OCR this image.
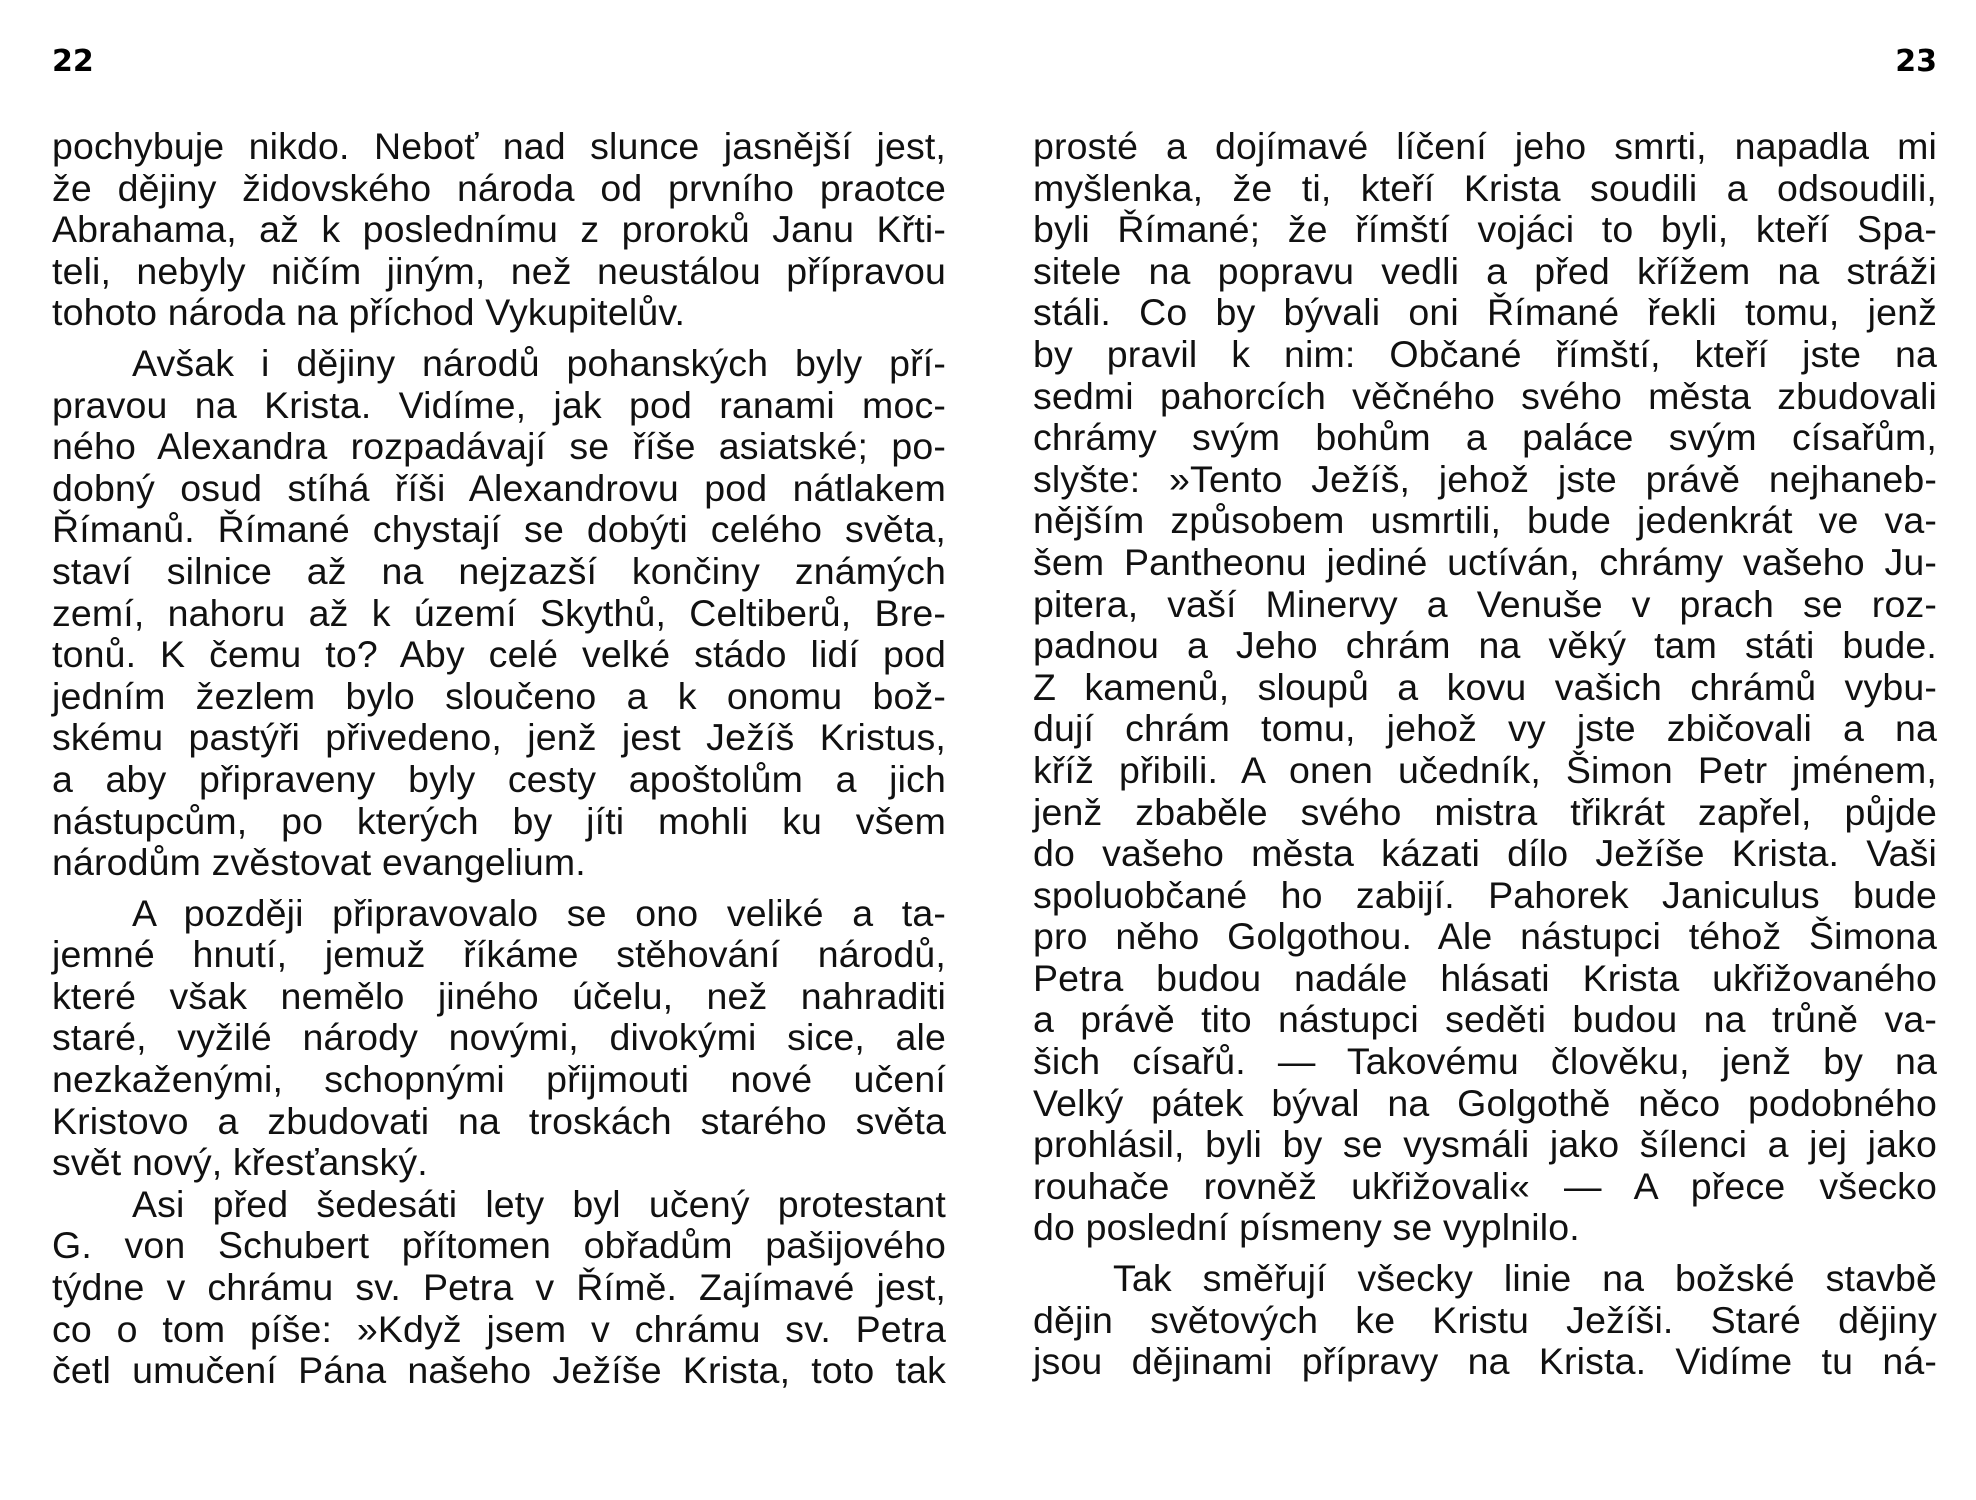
22
pochybuje nikdo. Neboť nad slunce jasnější jest,
že dějiny židovského národa od prvního praotce
Abrahama, až k poslednímu z proroků Janu Křti-
teli, nebyly ničím jiným, než neustálou přípravou
tohoto národa na příchod Vykupitelův.
Avšak i dějiny národů pohanských byly pří-
pravou na Krista. Vidíme, jak pod ranami moc-
ného Alexandra rozpadávají se říše asiatské; po-
dobný osud stíhá říši Alexandrovu pod nátlakem
Římanů. Římané chystají se dobýti celého světa,
staví silnice až na nejzazší končiny známých
zemí, nahoru až k území Skythů, Celtiberů, Bre-
tonů. K čemu to? Aby celé velké stádo lidí pod
jedním žezlem bylo sloučeno a k onomu bož-
skému pastýři přivedeno, jenž jest Ježíš Kristus,
a aby připraveny byly cesty apoštolům a jich
nástupcům, po kterých by jíti mohli ku všem
národům zvěstovat evangelium.
A později připravovalo se ono veliké a ta-
jemné hnutí, jemuž říkáme stěhování národů,
které však nemělo jiného účelu, než nahraditi
staré, vyžilé národy novými, divokými sice, ale
nezkaženými, schopnými přijmouti nové učení
Kristovo a zbudovati na troskách starého světa
svět nový, křesťanský.
Asi před šedesáti lety byl učený protestant
G. von Schubert přítomen obřadům pašijového
týdne v chrámu sv. Petra v Římě. Zajímavé jest,
co o tom píše: »Když jsem v chrámu sv. Petra
četl umučení Pána našeho Ježíše Krista, toto tak
23
prosté a dojímavé líčení jeho smrti, napadla mi
myšlenka, že ti, kteří Krista soudili a odsoudili,
byli Římané; že římští vojáci to byli, kteří Spa-
sitele na popravu vedli a před křížem na stráži
stáli. Co by bývali oni Římané řekli tomu, jenž
by pravil k nim: Občané římští, kteří jste na
sedmi pahorcích věčného svého města zbudovali
chrámy svým bohům a paláce svým císařům,
slyšte: »Tento Ježíš, jehož jste právě nejhaneb-
nějším způsobem usmrtili, bude jedenkrát ve va-
šem Pantheonu jediné uctíván, chrámy vašeho Ju-
pitera, vaší Minervy a Venuše v prach se roz-
padnou a Jeho chrám na věký tam státi bude.
Z kamenů, sloupů a kovu vašich chrámů vybu-
dují chrám tomu, jehož vy jste zbičovali a na
kříž přibili. A onen učedník, Šimon Petr jménem,
jenž zbaběle svého mistra třikrát zapřel, půjde
do vašeho města kázati dílo Ježíše Krista. Vaši
spoluobčané ho zabijí. Pahorek Janiculus bude
pro něho Golgothou. Ale nástupci téhož Šimona
Petra budou nadále hlásati Krista ukřižovaného
a právě tito nástupci seděti budou na trůně va-
šich císařů. — Takovému člověku, jenž by na
Velký pátek býval na Golgothě něco podobného
prohlásil, byli by se vysmáli jako šílenci a jej jako
rouhače rovněž ukřižovali« — A přece všecko
do poslední písmeny se vyplnilo.
Tak směřují všecky linie na božské stavbě
dějin světových ke Kristu Ježíši. Staré dějiny
jsou dějinami přípravy na Krista. Vidíme tu ná-
